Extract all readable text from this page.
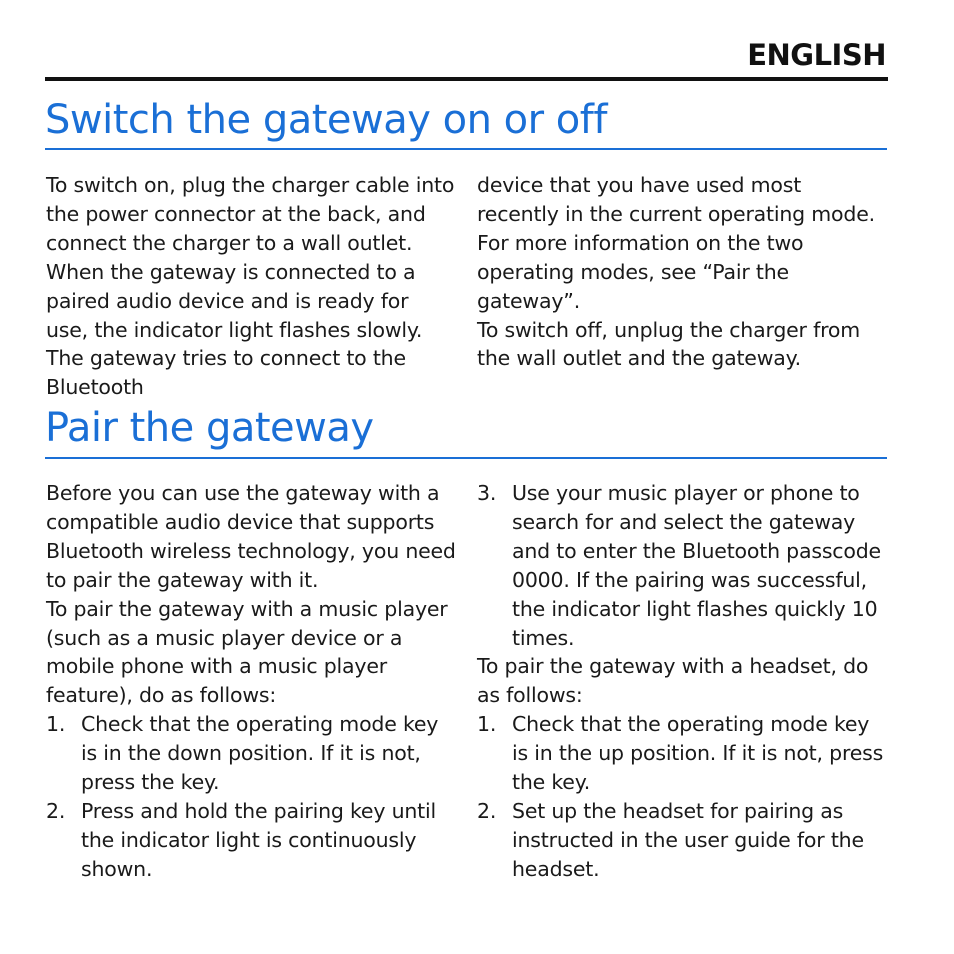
ENGLISH
Switch the gateway on or off

To switch on, plug the charger cable into the power connector at the back, and connect the charger to a wall outlet.

When the gateway is connected to a paired audio device and is ready for use, the indicator light flashes slowly. The gateway tries to connect to the Bluetooth

device that you have used most recently in the current operating mode. For more information on the two operating modes, see “Pair the gateway”.

To switch off, unplug the charger from the wall outlet and the gateway.

Pair the gateway

Before you can use the gateway with a compatible audio device that supports Bluetooth wireless technology, you need to pair the gateway with it.

To pair the gateway with a music player (such as a music player device or a mobile phone with a music player feature), do as follows:

1. Check that the operating mode key is in the down position. If it is not, press the key.
2. Press and hold the pairing key until the indicator light is continuously shown.
3. Use your music player or phone to search for and select the gateway and to enter the Bluetooth passcode 0000. If the pairing was successful, the indicator light flashes quickly 10 times.

To pair the gateway with a headset, do as follows:

1. Check that the operating mode key is in the up position. If it is not, press the key.
2. Set up the headset for pairing as instructed in the user guide for the headset.
